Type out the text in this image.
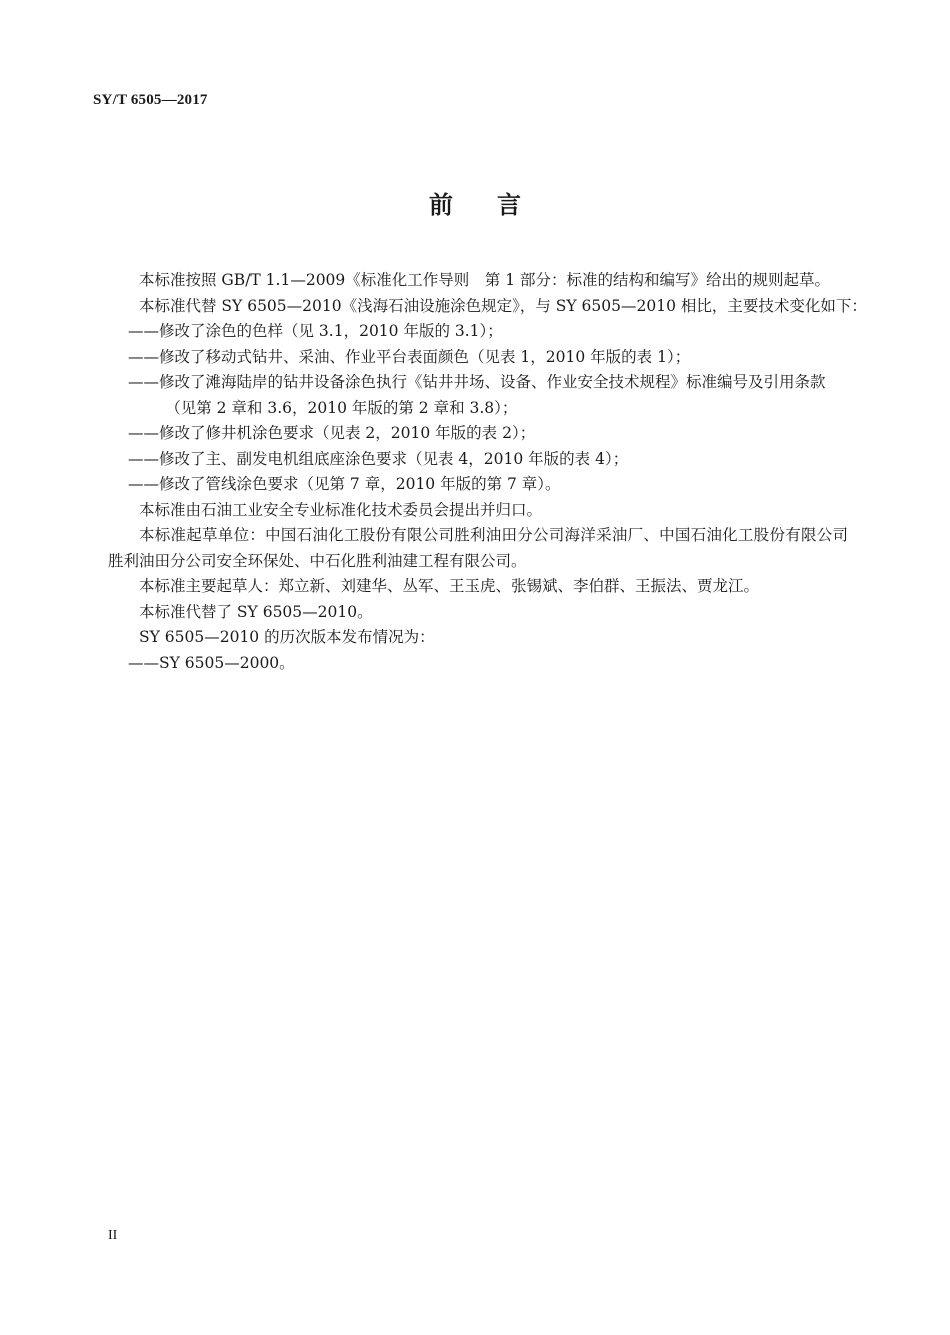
SY/T 6505—2017
前言

本标准按照 GB/T 1.1—2009《标准化工作导则　第 1 部分：标准的结构和编写》给出的规则起草。

本标准代替 SY 6505—2010《浅海石油设施涂色规定》，与 SY 6505—2010 相比，主要技术变化如下：

——修改了涂色的色样（见 3.1，2010 年版的 3.1）；

——修改了移动式钻井、采油、作业平台表面颜色（见表 1，2010 年版的表 1）；

——修改了滩海陆岸的钻井设备涂色执行《钻井井场、设备、作业安全技术规程》标准编号及引用条款（见第 2 章和 3.6，2010 年版的第 2 章和 3.8）；

——修改了修井机涂色要求（见表 2，2010 年版的表 2）；

——修改了主、副发电机组底座涂色要求（见表 4，2010 年版的表 4）；

——修改了管线涂色要求（见第 7 章，2010 年版的第 7 章）。

本标准由石油工业安全专业标准化技术委员会提出并归口。

本标准起草单位：中国石油化工股份有限公司胜利油田分公司海洋采油厂、中国石油化工股份有限公司胜利油田分公司安全环保处、中石化胜利油建工程有限公司。

本标准主要起草人：郑立新、刘建华、丛军、王玉虎、张锡斌、李伯群、王振法、贾龙江。

本标准代替了 SY 6505—2010。

SY 6505—2010 的历次版本发布情况为：

——SY 6505—2000。

II
